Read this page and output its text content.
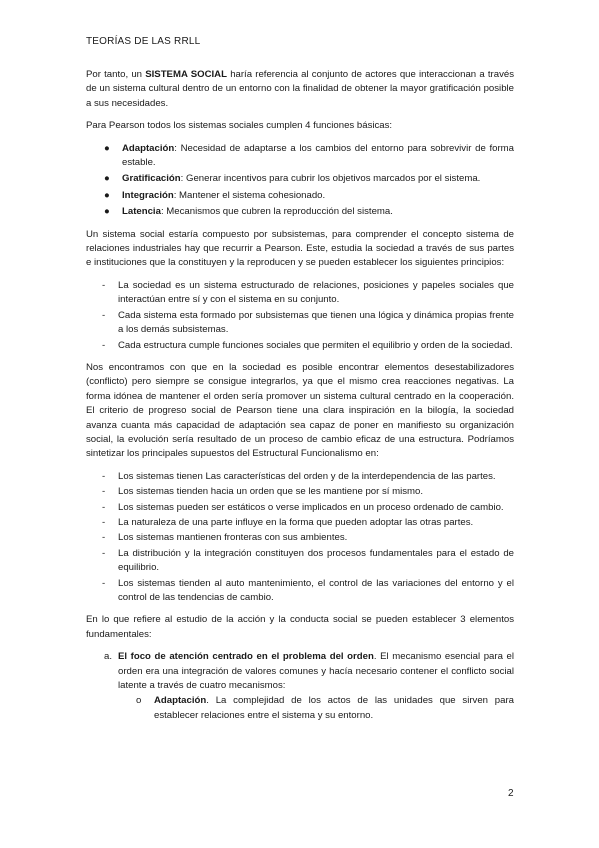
TEORÍAS DE LAS RRLL

Por tanto, un SISTEMA SOCIAL haría referencia al conjunto de actores que interaccionan a través de un sistema cultural dentro de un entorno con la finalidad de obtener la mayor gratificación posible a sus necesidades.

Para Pearson todos los sistemas sociales cumplen 4 funciones básicas:

● Adaptación: Necesidad de adaptarse a los cambios del entorno para sobrevivir de forma estable.
● Gratificación: Generar incentivos para cubrir los objetivos marcados por el sistema.
● Integración: Mantener el sistema cohesionado.
● Latencia: Mecanismos que cubren la reproducción del sistema.

Un sistema social estaría compuesto por subsistemas, para comprender el concepto sistema de relaciones industriales hay que recurrir a Pearson. Este, estudia la sociedad a través de sus partes e instituciones que la constituyen y la reproducen y se pueden establecer los siguientes principios:

- La sociedad es un sistema estructurado de relaciones, posiciones y papeles sociales que interactúan entre sí y con el sistema en su conjunto.
- Cada sistema esta formado por subsistemas que tienen una lógica y dinámica propias frente a los demás subsistemas.
- Cada estructura cumple funciones sociales que permiten el equilibrio y orden de la sociedad.

Nos encontramos con que en la sociedad es posible encontrar elementos desestabilizadores (conflicto) pero siempre se consigue integrarlos, ya que el mismo crea reacciones negativas. La forma idónea de mantener el orden sería promover un sistema cultural centrado en la cooperación. El criterio de progreso social de Pearson tiene una clara inspiración en la bilogía, la sociedad avanza cuanta más capacidad de adaptación sea capaz de poner en manifiesto su organización social, la evolución sería resultado de un proceso de cambio eficaz de una estructura. Podríamos sintetizar los principales supuestos del Estructural Funcionalismo en:

- Los sistemas tienen Las características del orden y de la interdependencia de las partes.
- Los sistemas tienden hacia un orden que se les mantiene por sí mismo.
- Los sistemas pueden ser estáticos o verse implicados en un proceso ordenado de cambio.
- La naturaleza de una parte influye en la forma que pueden adoptar las otras partes.
- Los sistemas mantienen fronteras con sus ambientes.
- La distribución y la integración constituyen dos procesos fundamentales para el estado de equilibrio.
- Los sistemas tienden al auto mantenimiento, el control de las variaciones del entorno y el control de las tendencias de cambio.

En lo que refiere al estudio de la acción y la conducta social se pueden establecer 3 elementos fundamentales:

a. El foco de atención centrado en el problema del orden. El mecanismo esencial para el orden era una integración de valores comunes y hacía necesario contener el conflicto social latente a través de cuatro mecanismos:
o Adaptación. La complejidad de los actos de las unidades que sirven para establecer relaciones entre el sistema y su entorno.
2
